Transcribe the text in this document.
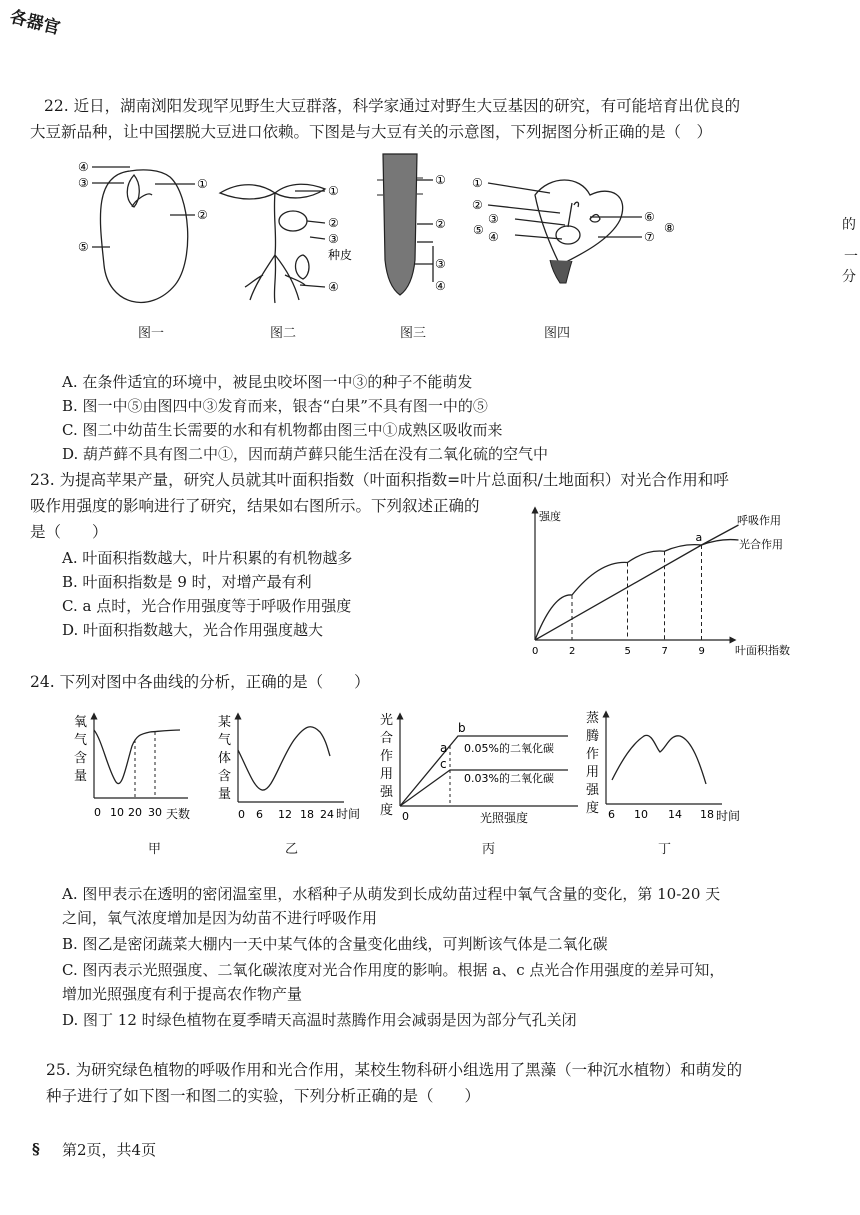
各器官
的
一
分
22. 近日，湖南浏阳发现罕见野生大豆群落，科学家通过对野生大豆基因的研究，有可能培育出优良的
大豆新品种，让中国摆脱大豆进口依赖。下图是与大豆有关的示意图，下列据图分析正确的是（　）
④
③
⑤
①
②
①
②
③
种皮
④
①
②
③
④
①
②
⑤
③
④
⑥
⑦
⑧
图一	图二	图三	图四
A. 在条件适宜的环境中，被昆虫咬坏图一中③的种子不能萌发
B. 图一中⑤由图四中③发育而来，银杏“白果”不具有图一中的⑤
C. 图二中幼苗生长需要的水和有机物都由图三中①成熟区吸收而来
D. 葫芦藓不具有图二中①，因而葫芦藓只能生活在没有二氧化硫的空气中
23. 为提高苹果产量，研究人员就其叶面积指数（叶面积指数=叶片总面积/土地面积）对光合作用和呼
吸作用强度的影响进行了研究，结果如右图所示。下列叙述正确的
是（　　）
A. 叶面积指数越大，叶片积累的有机物越多
B. 叶面积指数是 9 时，对增产最有利
C. a 点时，光合作用强度等于呼吸作用强度
D. 叶面积指数越大，光合作用强度越大
强度
叶面积指数
呼吸作用
光合作用
0	2	5	7	9
a
24. 下列对图中各曲线的分析，正确的是（　　）
氧
气
含
量
0 10 20 30 天数
甲
某
气
体
含
量
0 6 12 18 24 时间
乙
光
合
作
用
强
度
a
b
c
0.05%的二氧化碳
0.03%的二氧化碳
0	光照强度
丙
蒸
腾
作
用
强
度 6 10 14 18 时间
丁
A. 图甲表示在透明的密闭温室里，水稻种子从萌发到长成幼苗过程中氧气含量的变化，第 10-20 天
之间，氧气浓度增加是因为幼苗不进行呼吸作用
B. 图乙是密闭蔬菜大棚内一天中某气体的含量变化曲线，可判断该气体是二氧化碳
C. 图丙表示光照强度、二氧化碳浓度对光合作用度的影响。根据 a、c 点光合作用强度的差异可知，
增加光照强度有利于提高农作物产量
D. 图丁 12 时绿色植物在夏季晴天高温时蒸腾作用会减弱是因为部分气孔关闭
25. 为研究绿色植物的呼吸作用和光合作用，某校生物科研小组选用了黑藻（一种沉水植物）和萌发的
种子进行了如下图一和图二的实验，下列分析正确的是（　　）
§ 第2页，共4页
